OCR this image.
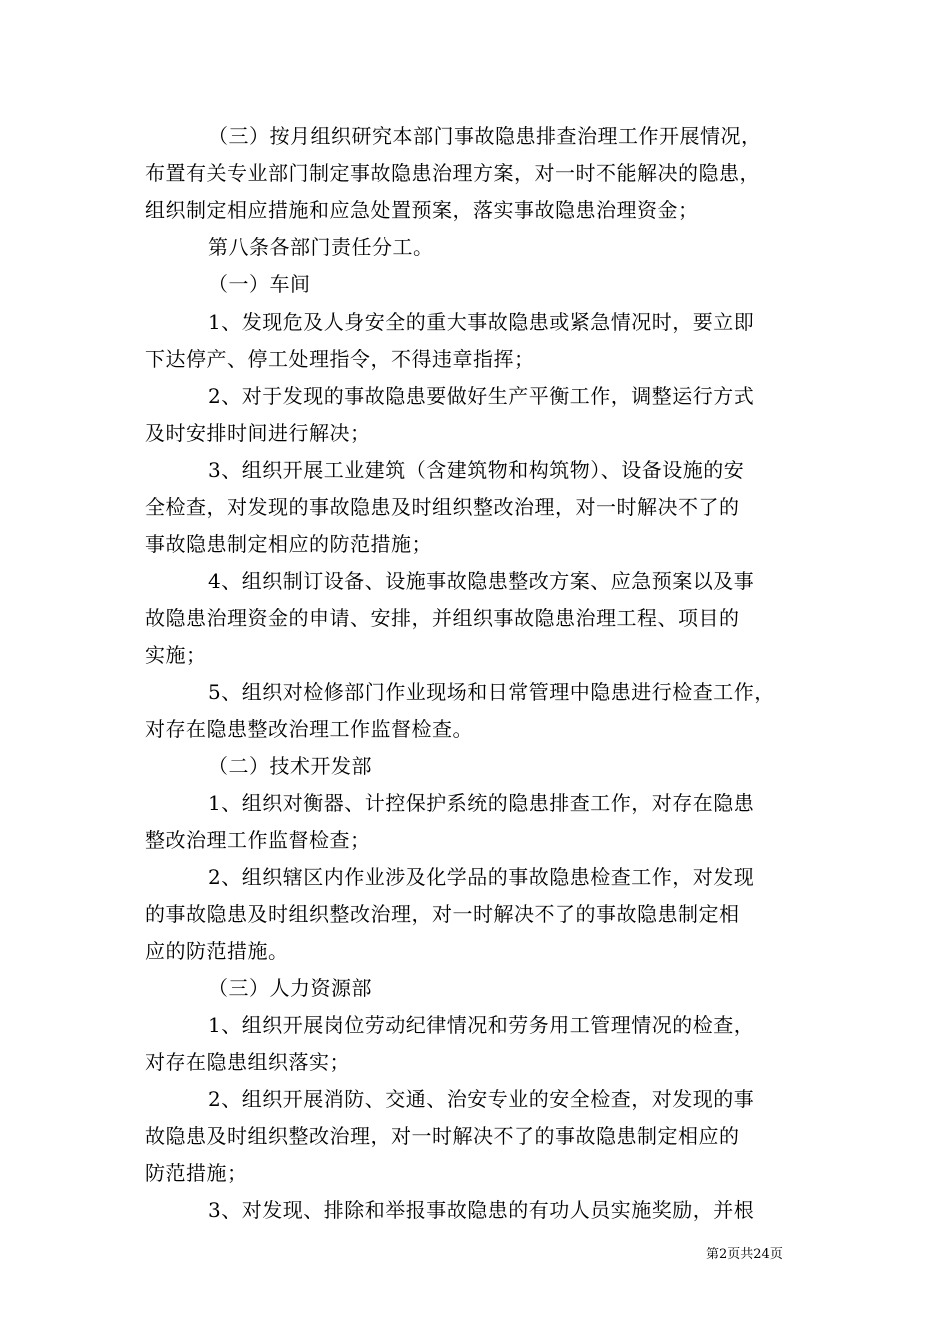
（三）按月组织研究本部门事故隐患排查治理工作开展情况，
布置有关专业部门制定事故隐患治理方案，对一时不能解决的隐患，
组织制定相应措施和应急处置预案，落实事故隐患治理资金；
第八条各部门责任分工。
（一）车间
1、发现危及人身安全的重大事故隐患或紧急情况时，要立即
下达停产、停工处理指令，不得违章指挥；
2、对于发现的事故隐患要做好生产平衡工作，调整运行方式
及时安排时间进行解决；
3、组织开展工业建筑（含建筑物和构筑物）、设备设施的安
全检查，对发现的事故隐患及时组织整改治理，对一时解决不了的
事故隐患制定相应的防范措施；
4、组织制订设备、设施事故隐患整改方案、应急预案以及事
故隐患治理资金的申请、安排，并组织事故隐患治理工程、项目的
实施；
5、组织对检修部门作业现场和日常管理中隐患进行检查工作，
对存在隐患整改治理工作监督检查。
（二）技术开发部
1、组织对衡器、计控保护系统的隐患排查工作，对存在隐患
整改治理工作监督检查；
2、组织辖区内作业涉及化学品的事故隐患检查工作，对发现
的事故隐患及时组织整改治理，对一时解决不了的事故隐患制定相
应的防范措施。
（三）人力资源部
1、组织开展岗位劳动纪律情况和劳务用工管理情况的检查，
对存在隐患组织落实；
2、组织开展消防、交通、治安专业的安全检查，对发现的事
故隐患及时组织整改治理，对一时解决不了的事故隐患制定相应的
防范措施；
3、对发现、排除和举报事故隐患的有功人员实施奖励，并根
第2页共24页
